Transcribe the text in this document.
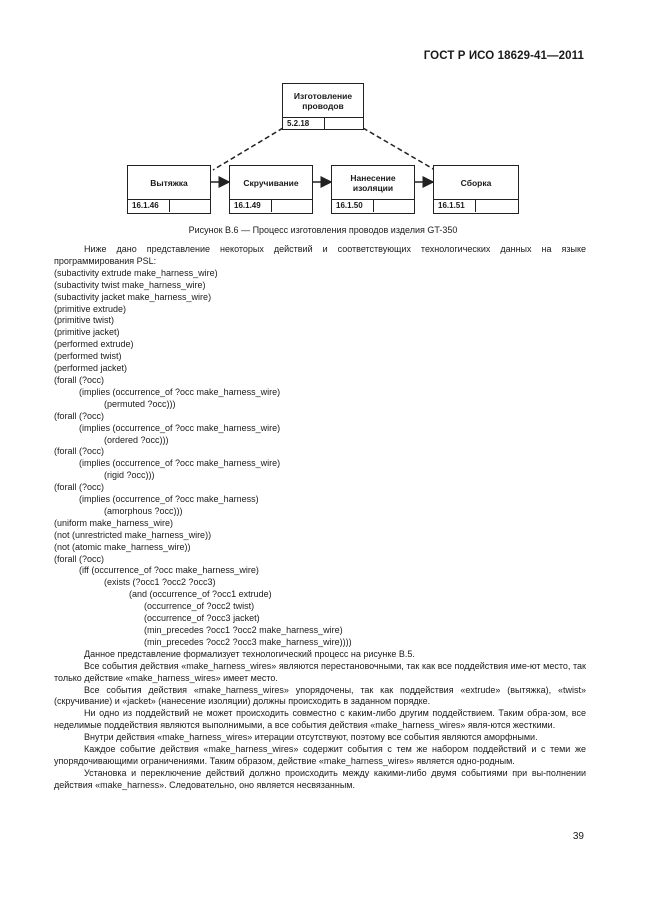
ГОСТ Р ИСО 18629-41—2011
Изготовление проводов
5.2.18
Вытяжка
16.1.46
Скручивание
16.1.49
Нанесение изоляции
16.1.50
Сборка
16.1.51
Рисунок В.6 — Процесс изготовления проводов изделия GT-350
Ниже дано представление некоторых действий и соответствующих технологических данных на языке программирования PSL:
(subactivity extrude make_harness_wire)
(subactivity twist make_harness_wire)
(subactivity jacket make_harness_wire)
(primitive extrude)
(primitive twist)
(primitive jacket)
(performed extrude)
(performed twist)
(performed jacket)
(forall (?occ)
(implies (occurrence_of ?occ make_harness_wire)
(permuted ?occ)))
(forall (?occ)
(implies (occurrence_of ?occ make_harness_wire)
(ordered ?occ)))
(forall (?occ)
(implies (occurrence_of ?occ make_harness_wire)
(rigid ?occ)))
(forall (?occ)
(implies (occurrence_of ?occ make_harness)
(amorphous ?occ)))
(uniform make_harness_wire)
(not (unrestricted make_harness_wire))
(not (atomic make_harness_wire))
(forall (?occ)
(iff (occurrence_of ?occ make_harness_wire)
(exists (?occ1 ?occ2 ?occ3)
(and (occurrence_of ?occ1 extrude)
(occurrence_of ?occ2 twist)
(occurrence_of ?occ3 jacket)
(min_precedes ?occ1 ?occ2 make_harness_wire)
(min_precedes ?occ2 ?occ3 make_harness_wire))))
Данное представление формализует технологический процесс на рисунке В.5.
Все события действия «make_harness_wires» являются перестановочными, так как все поддействия име-ют место, так только действие «make_harness_wires» имеет место.
Все события действия «make_harness_wires» упорядочены, так как поддействия «extrude» (вытяжка), «twist» (скручивание) и «jacket» (нанесение изоляции) должны происходить в заданном порядке.
Ни одно из поддействий не может происходить совместно с каким-либо другим поддействием. Таким обра-зом, все неделимые поддействия являются выполнимыми, а все события действия «make_harness_wires» явля-ются жесткими.
Внутри действия «make_harness_wires» итерации отсутствуют, поэтому все события являются аморфными.
Каждое событие действия «make_harness_wires» содержит события с тем же набором поддействий и с теми же упорядочивающими ограничениями. Таким образом, действие «make_harness_wires» является одно-родным.
Установка и переключение действий должно происходить между какими-либо двумя событиями при вы-полнении действия «make_harness». Следовательно, оно является несвязанным.
39
